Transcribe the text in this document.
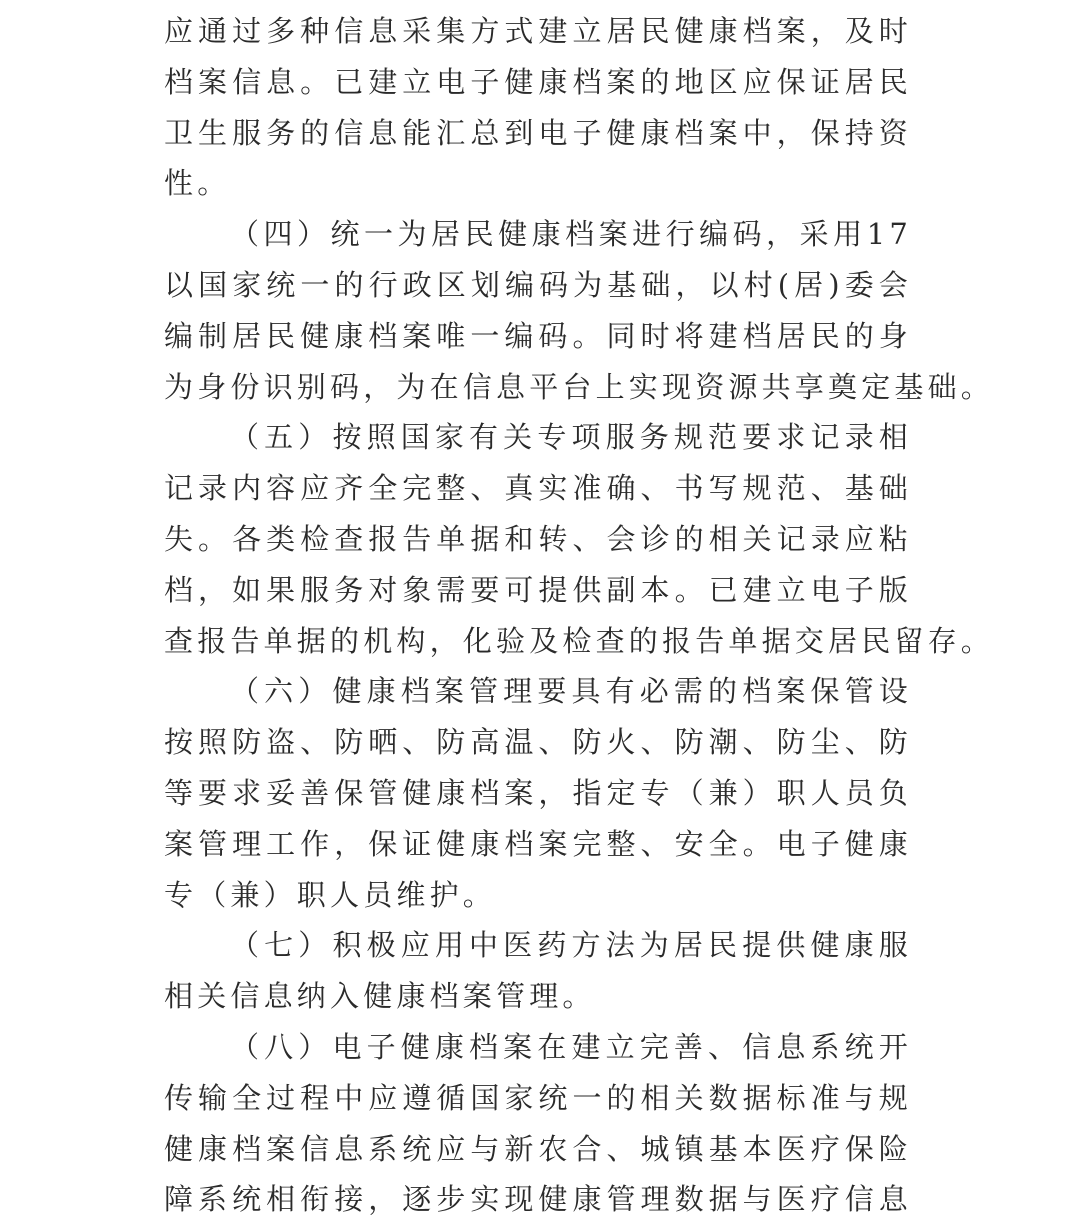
应通过多种信息采集方式建立居民健康档案，及时
档案信息。已建立电子健康档案的地区应保证居民
卫生服务的信息能汇总到电子健康档案中，保持资
性。
（四）统一为居民健康档案进行编码，采用17
以国家统一的行政区划编码为基础，以村(居)委会
编制居民健康档案唯一编码。同时将建档居民的身
为身份识别码，为在信息平台上实现资源共享奠定基础。
（五）按照国家有关专项服务规范要求记录相
记录内容应齐全完整、真实准确、书写规范、基础
失。各类检查报告单据和转、会诊的相关记录应粘
档，如果服务对象需要可提供副本。已建立电子版
查报告单据的机构，化验及检查的报告单据交居民留存。
（六）健康档案管理要具有必需的档案保管设
按照防盗、防晒、防高温、防火、防潮、防尘、防
等要求妥善保管健康档案，指定专（兼）职人员负
案管理工作，保证健康档案完整、安全。电子健康
专（兼）职人员维护。
（七）积极应用中医药方法为居民提供健康服
相关信息纳入健康档案管理。
（八）电子健康档案在建立完善、信息系统开
传输全过程中应遵循国家统一的相关数据标准与规
健康档案信息系统应与新农合、城镇基本医疗保险
障系统相衔接，逐步实现健康管理数据与医疗信息
